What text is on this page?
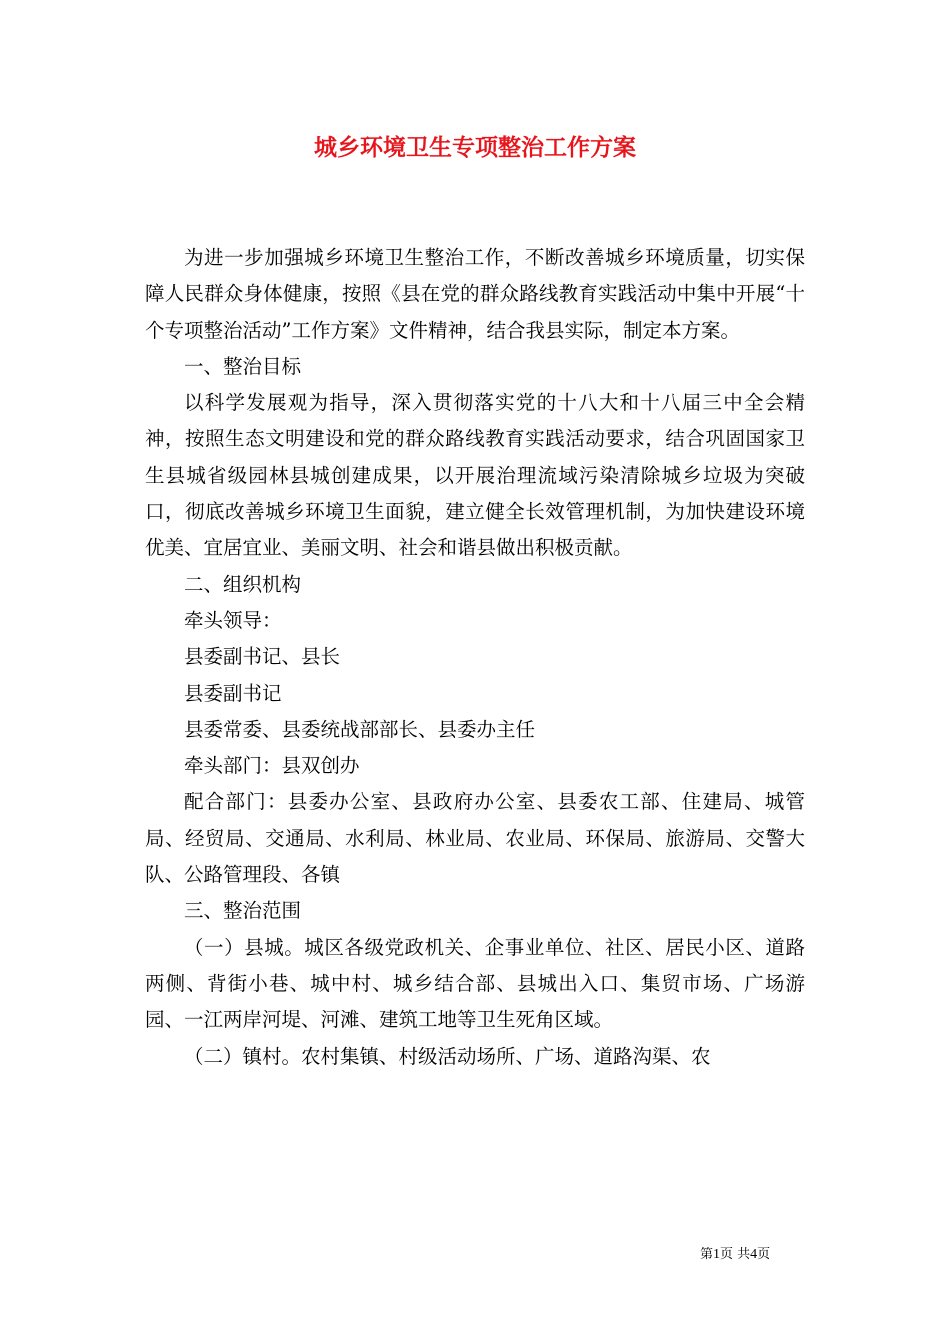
城乡环境卫生专项整治工作方案

为进一步加强城乡环境卫生整治工作，不断改善城乡环境质量，切实保障人民群众身体健康，按照《县在党的群众路线教育实践活动中集中开展“十个专项整治活动”工作方案》文件精神，结合我县实际，制定本方案。

一、整治目标

以科学发展观为指导，深入贯彻落实党的十八大和十八届三中全会精神，按照生态文明建设和党的群众路线教育实践活动要求，结合巩固国家卫生县城省级园林县城创建成果，以开展治理流域污染清除城乡垃圾为突破口，彻底改善城乡环境卫生面貌，建立健全长效管理机制，为加快建设环境优美、宜居宜业、美丽文明、社会和谐县做出积极贡献。

二、组织机构

牵头领导：

县委副书记、县长

县委副书记

县委常委、县委统战部部长、县委办主任

牵头部门：县双创办

配合部门：县委办公室、县政府办公室、县委农工部、住建局、城管局、经贸局、交通局、水利局、林业局、农业局、环保局、旅游局、交警大队、公路管理段、各镇

三、整治范围

（一）县城。城区各级党政机关、企事业单位、社区、居民小区、道路两侧、背街小巷、城中村、城乡结合部、县城出入口、集贸市场、广场游园、一江两岸河堤、河滩、建筑工地等卫生死角区域。

（二）镇村。农村集镇、村级活动场所、广场、道路沟渠、农

第1页 共4页
